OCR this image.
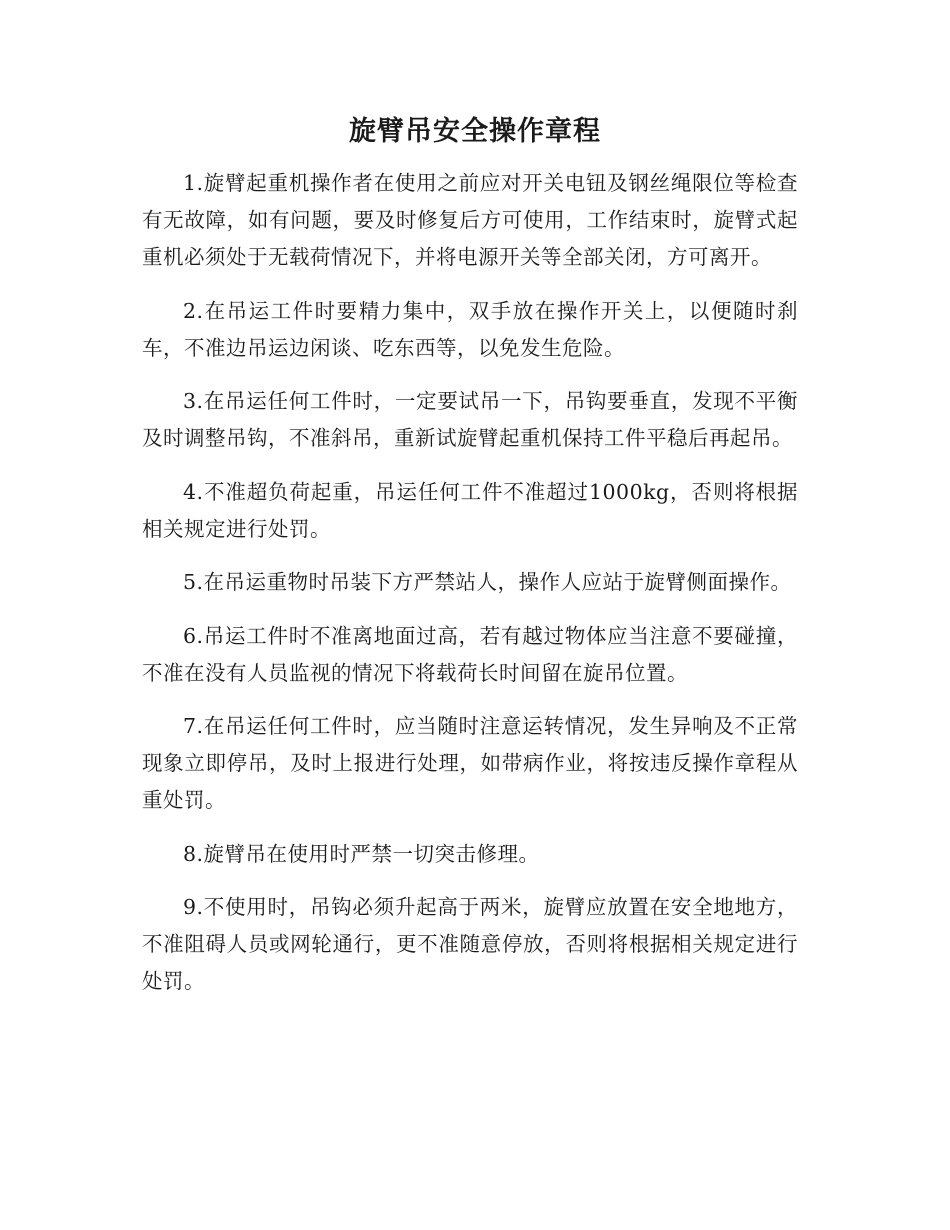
旋臂吊安全操作章程

1.旋臂起重机操作者在使用之前应对开关电钮及钢丝绳限位等检查有无故障，如有问题，要及时修复后方可使用，工作结束时，旋臂式起重机必须处于无载荷情况下，并将电源开关等全部关闭，方可离开。

2.在吊运工件时要精力集中，双手放在操作开关上，以便随时刹车，不准边吊运边闲谈、吃东西等，以免发生危险。

3.在吊运任何工件时，一定要试吊一下，吊钩要垂直，发现不平衡及时调整吊钩，不准斜吊，重新试旋臂起重机保持工件平稳后再起吊。

4.不准超负荷起重，吊运任何工件不准超过1000kg，否则将根据相关规定进行处罚。

5.在吊运重物时吊装下方严禁站人，操作人应站于旋臂侧面操作。

6.吊运工件时不准离地面过高，若有越过物体应当注意不要碰撞，不准在没有人员监视的情况下将载荷长时间留在旋吊位置。

7.在吊运任何工件时，应当随时注意运转情况，发生异响及不正常现象立即停吊，及时上报进行处理，如带病作业，将按违反操作章程从重处罚。

8.旋臂吊在使用时严禁一切突击修理。

9.不使用时，吊钩必须升起高于两米，旋臂应放置在安全地地方，不准阻碍人员或网轮通行，更不准随意停放，否则将根据相关规定进行处罚。
